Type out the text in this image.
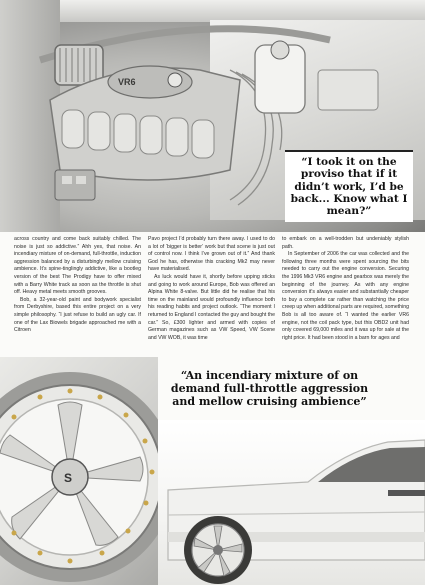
VR6

“I took it on the proviso that if it didn’t work, I’d be back... Know what I mean?”

across country and come back suitably chilled. The noise is just so addictive.” Ahh yes, that noise. An incendiary mixture of on-demand, full-throttle, induction aggression balanced by a disturbingly mellow cruising ambience. It’s spine-tinglingly addictive, like a bootleg version of the best The Prodigy have to offer mixed with a Barry White track as soon as the throttle is shut off. Heavy metal meets smooth grooves.

Bob, a 32-year-old paint and bodywork specialist from Derbyshire, based this entire project on a very simple philosophy. “I just refuse to build an ugly car. If one of the Lax Biowels brigade approached me with a Citroen

Pavo project I’d probably turn there away. I used to do a lot of ‘bigger is better’ work but that scene is just out of control now. I think I’ve grown out of it.” And thank God he has, otherwise this cracking Mk2 may never have materialised.

As luck would have it, shortly before upping sticks and going to work around Europe, Bob was offered an Alpina White 8-valve. But little did he realise that his time on the mainland would profoundly influence both his reading habits and project outlook. “The moment I returned to England I contacted the guy and bought the car.” So, £300 lighter and armed with copies of German magazines such as VW Speed, VW Scene and VW WOB, it was time

to embark on a well-trodden but undeniably stylish path.

In September of 2006 the car was collected and the following three months were spent sourcing the bits needed to carry out the engine conversion. Securing the 1996 Mk3 VR6 engine and gearbox was merely the beginning of the journey. As with any engine conversion it’s always easier and substantially cheaper to buy a complete car rather than watching the price creep up when additional parts are required, something Bob is all too aware of. “I wanted the earlier VR6 engine, not the coil pack type, but this OBD2 unit had only covered 69,000 miles and it was up for sale at the right price. It had been stood in a barn for ages and

S

“An incendiary mixture of on demand full-throttle aggression and mellow cruising ambience”
